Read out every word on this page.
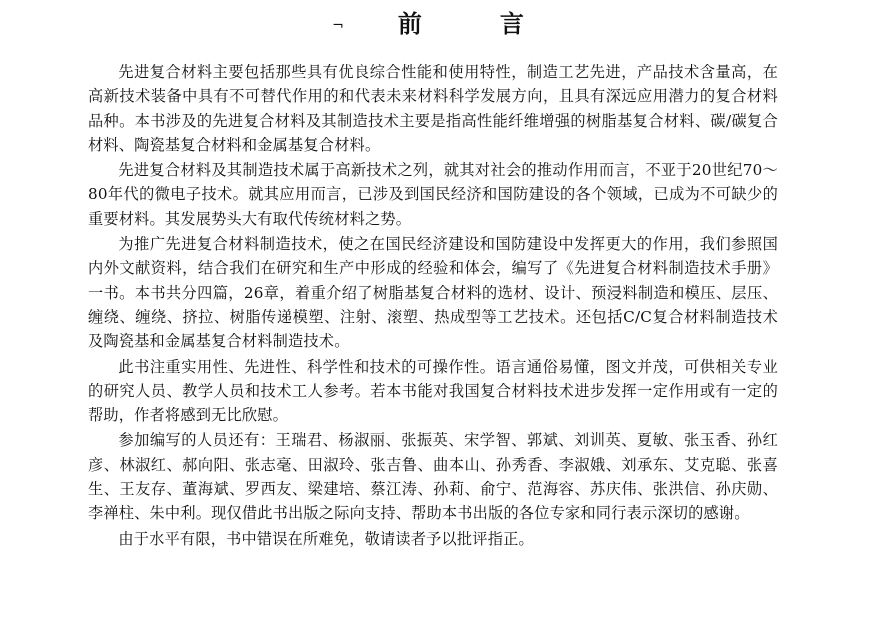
¬ 前	言

先进复合材料主要包括那些具有优良综合性能和使用特性，制造工艺先进，产品技术含量高，在高新技术装备中具有不可替代作用的和代表未来材料科学发展方向，且具有深远应用潜力的复合材料品种。本书涉及的先进复合材料及其制造技术主要是指高性能纤维增强的树脂基复合材料、碳/碳复合材料、陶瓷基复合材料和金属基复合材料。

先进复合材料及其制造技术属于高新技术之列，就其对社会的推动作用而言，不亚于20世纪70～80年代的微电子技术。就其应用而言，已涉及到国民经济和国防建设的各个领域，已成为不可缺少的重要材料。其发展势头大有取代传统材料之势。

为推广先进复合材料制造技术，使之在国民经济建设和国防建设中发挥更大的作用，我们参照国内外文献资料，结合我们在研究和生产中形成的经验和体会，编写了《先进复合材料制造技术手册》一书。本书共分四篇，26章，着重介绍了树脂基复合材料的选材、设计、预浸料制造和模压、层压、缠绕、缠绕、挤拉、树脂传递模塑、注射、滚塑、热成型等工艺技术。还包括C/C复合材料制造技术及陶瓷基和金属基复合材料制造技术。

此书注重实用性、先进性、科学性和技术的可操作性。语言通俗易懂，图文并茂，可供相关专业的研究人员、教学人员和技术工人参考。若本书能对我国复合材料技术进步发挥一定作用或有一定的帮助，作者将感到无比欣慰。

参加编写的人员还有：王瑞君、杨淑丽、张振英、宋学智、郭斌、刘训英、夏敏、张玉香、孙红彦、林淑红、郝向阳、张志毫、田淑玲、张吉鲁、曲本山、孙秀香、李淑娥、刘承东、艾克聪、张喜生、王友存、董海斌、罗西友、梁建培、蔡江涛、孙莉、俞宁、范海容、苏庆伟、张洪信、孙庆勋、李禅柱、朱中利。现仅借此书出版之际向支持、帮助本书出版的各位专家和同行表示深切的感谢。

由于水平有限，书中错误在所难免，敬请读者予以批评指正。
